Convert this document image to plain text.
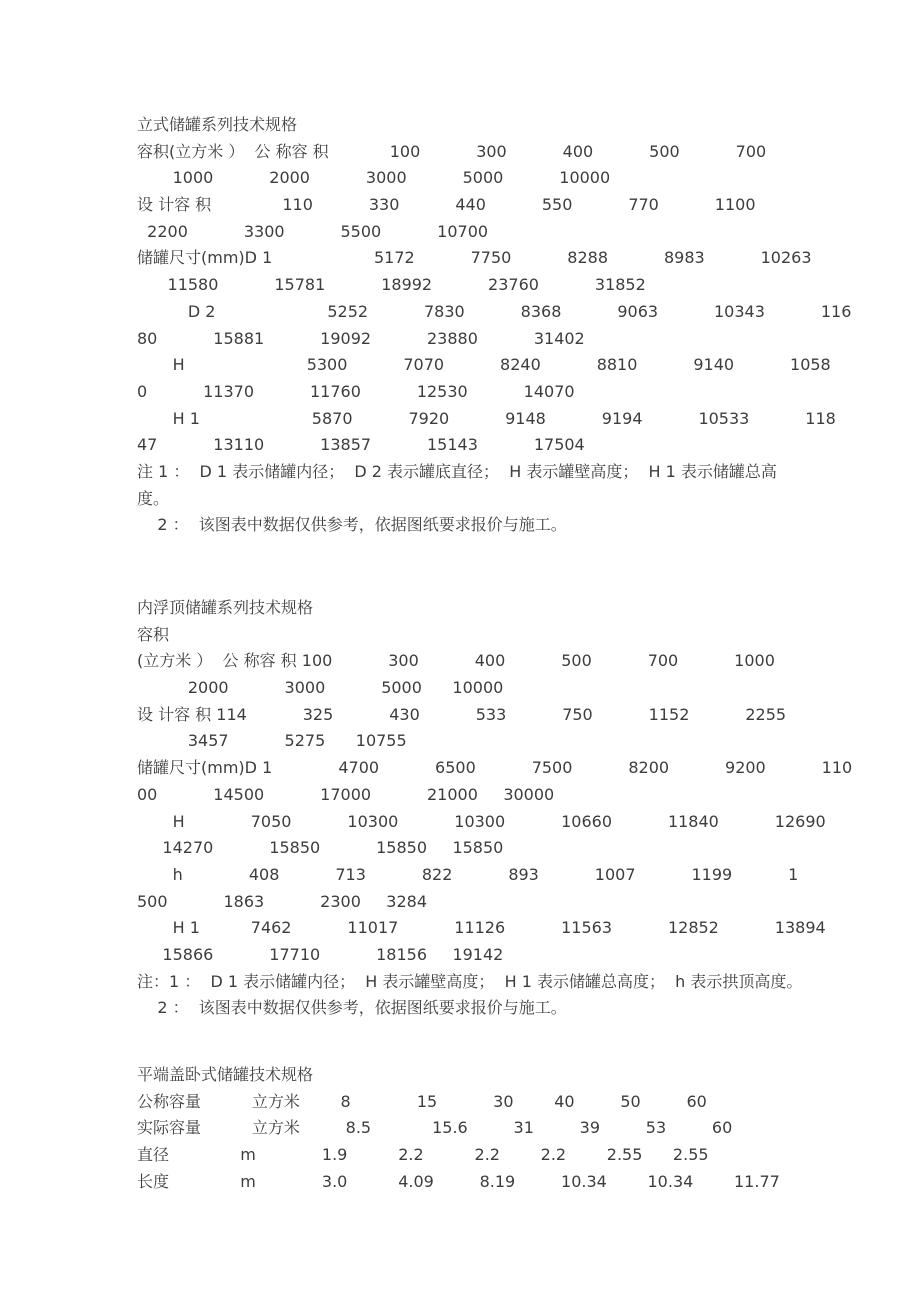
立式储罐系列技术规格
容积(立方米 ）  公 称容 积            100           300           400           500           700
1000           2000           3000           5000           10000
设 计容 积              110           330           440           550           770           1100
2200           3300           5500           10700
储罐尺寸(mm)D 1                    5172           7750           8288           8983           10263
11580           15781           18992           23760           31852
D 2                      5252           7830           8368           9063           10343           116
80           15881           19092           23880           31402
H                        5300           7070           8240           8810           9140           1058
0           11370           11760           12530           14070
H 1                      5870           7920           9148           9194           10533           118
47           13110           13857           15143           17504
注 1 ：  D 1 表示储罐内径；  D 2 表示罐底直径；  H 表示罐壁高度；  H 1 表示储罐总高
度。
2 ：  该图表中数据仅供参考，依据图纸要求报价与施工。
内浮顶储罐系列技术规格
容积
(立方米 ）  公 称容 积 100           300           400           500           700           1000
2000           3000           5000      10000
设 计容 积 114           325           430           533           750           1152           2255
3457           5275      10755
储罐尺寸(mm)D 1             4700           6500           7500           8200           9200           110
00           14500           17000           21000     30000
H             7050           10300           10300           10660           11840           12690
14270           15850           15850     15850
h             408           713           822           893           1007           1199           1
500           1863           2300     3284
H 1          7462           11017           11126           11563           12852           13894
15866           17710           18156     19142
注：1 ：  D 1 表示储罐内径；  H 表示罐壁高度；  H 1 表示储罐总高度；  h 表示拱顶高度。
2 ：  该图表中数据仅供参考，依据图纸要求报价与施工。
平端盖卧式储罐技术规格
公称容量          立方米        8             15           30        40         50         60
实际容量          立方米         8.5            15.6         31         39         53         60
直径              m             1.9          2.2          2.2        2.2        2.55      2.55
长度              m             3.0          4.09         8.19         10.34        10.34        11.77
